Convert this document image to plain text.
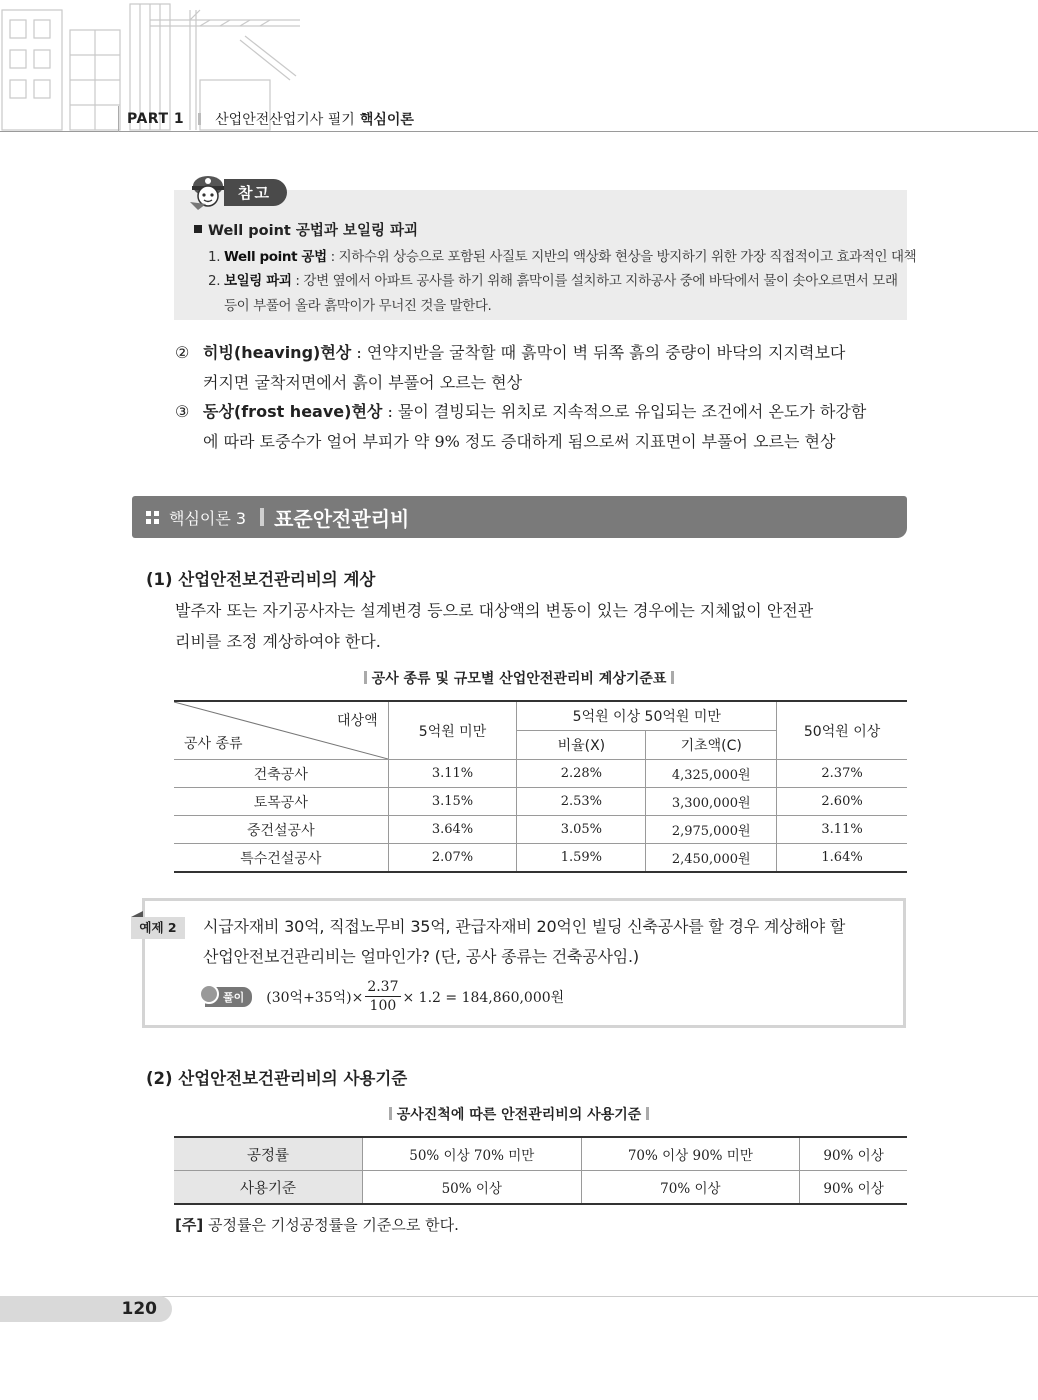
PART 1 산업안전산업기사 필기 핵심이론
참고
Well point 공법과 보일링 파괴
1. Well point 공법 : 지하수위 상승으로 포함된 사질토 지반의 액상화 현상을 방지하기 위한 가장 직접적이고 효과적인 대책
2. 보일링 파괴 : 강변 옆에서 아파트 공사를 하기 위해 흙막이를 설치하고 지하공사 중에 바닥에서 물이 솟아오르면서 모래
등이 부풀어 올라 흙막이가 무너진 것을 말한다.
② 히빙(heaving)현상 : 연약지반을 굴착할 때 흙막이 벽 뒤쪽 흙의 중량이 바닥의 지지력보다
커지면 굴착저면에서 흙이 부풀어 오르는 현상
③ 동상(frost heave)현상 : 물이 결빙되는 위치로 지속적으로 유입되는 조건에서 온도가 하강함
에 따라 토중수가 얼어 부피가 약 9% 정도 증대하게 됨으로써 지표면이 부풀어 오르는 현상
핵심이론 3 표준안전관리비
(1) 산업안전보건관리비의 계상
발주자 또는 자기공사자는 설계변경 등으로 대상액의 변동이 있는 경우에는 지체없이 안전관
리비를 조정 계상하여야 한다.
공사 종류 및 규모별 산업안전관리비 계상기준표
대상액
공사 종류	5억원 미만	5억원 이상 50억원 미만		50억원 이상
		비율(X)	기초액(C)	
건축공사	3.11%	2.28%	4,325,000원	2.37%
토목공사	3.15%	2.53%	3,300,000원	2.60%
중건설공사	3.64%	3.05%	2,975,000원	3.11%
특수건설공사	2.07%	1.59%	2,450,000원	1.64%
예제 2	시급자재비 30억, 직접노무비 35억, 관급자재비 20억인 빌딩 신축공사를 할 경우 계상해야 할
산업안전보건관리비는 얼마인가? (단, 공사 종류는 건축공사임.)
풀이	(30억+35억)× $\frac{2.37}{100} \times 1.2 = 184,860,000$원
(2) 산업안전보건관리비의 사용기준
공사진척에 따른 안전관리비의 사용기준
공정률	50% 이상 70% 미만	70% 이상 90% 미만	90% 이상
사용기준	50% 이상	70% 이상	90% 이상
[주] 공정률은 기성공정률을 기준으로 한다.
120
